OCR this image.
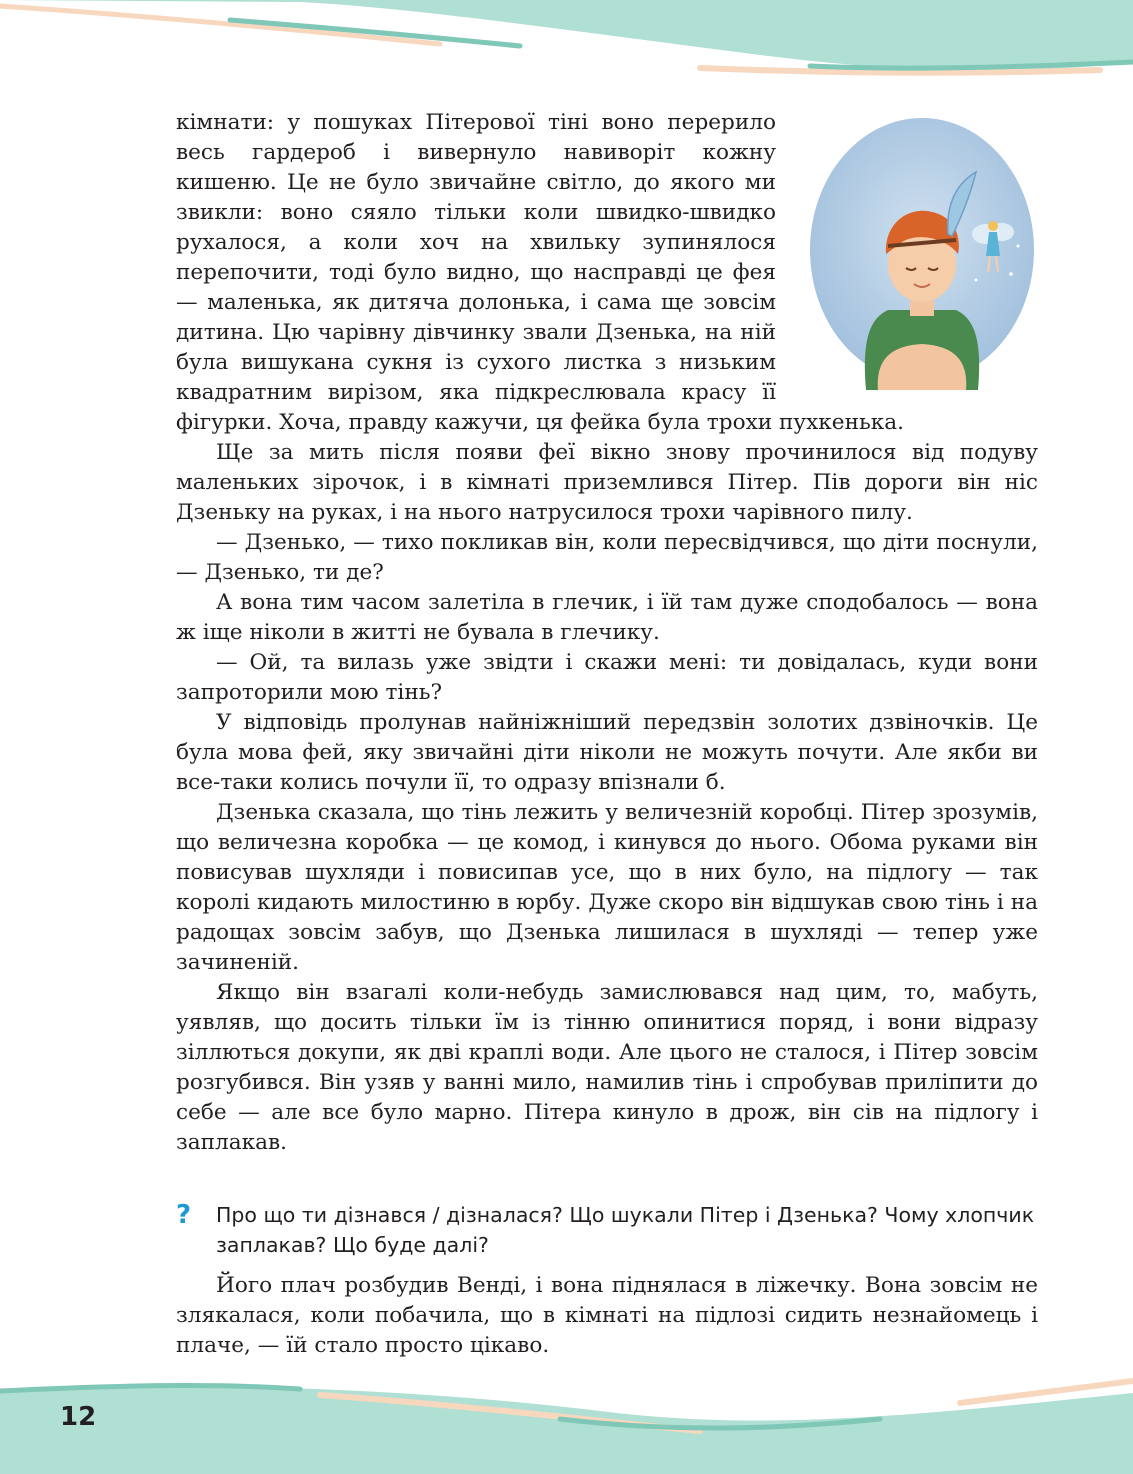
кімнати: у пошуках Пітерової тіні воно перерило весь гардероб і вивернуло навиворіт кожну кишеню. Це не було звичайне світло, до якого ми звикли: воно сяяло тільки коли швидко-швидко рухалося, а коли хоч на хвильку зупинялося перепочити, тоді було видно, що насправді це фея — маленька, як дитяча долонька, і сама ще зовсім дитина. Цю чарівну дівчинку звали Дзенька, на ній була вишукана сукня із сухого листка з низьким квадратним вирізом, яка підкреслювала красу її фігурки. Хоча, правду кажучи, ця фейка була трохи пухкенька.

Ще за мить після появи феї вікно знову прочинилося від подуву маленьких зірочок, і в кімнаті приземлився Пітер. Пів дороги він ніс Дзеньку на руках, і на нього натрусилося трохи чарівного пилу.

— Дзенько, — тихо покликав він, коли пересвідчився, що діти поснули, — Дзенько, ти де?

А вона тим часом залетіла в глечик, і їй там дуже сподобалось — вона ж іще ніколи в житті не бувала в глечику.

— Ой, та вилазь уже звідти і скажи мені: ти довідалась, куди вони запроторили мою тінь?

У відповідь пролунав найніжніший передзвін золотих дзвіночків. Це була мова фей, яку звичайні діти ніколи не можуть почути. Але якби ви все-таки колись почули її, то одразу впізнали б.

Дзенька сказала, що тінь лежить у величезній коробці. Пітер зрозумів, що величезна коробка — це комод, і кинувся до нього. Обома руками він повисував шухляди і повисипав усе, що в них було, на підлогу — так королі кидають милостиню в юрбу. Дуже скоро він відшукав свою тінь і на радощах зовсім забув, що Дзенька лишилася в шухляді — тепер уже зачиненій.

Якщо він взагалі коли-небудь замислювався над цим, то, мабуть, уявляв, що досить тільки їм із тінню опинитися поряд, і вони відразу зіллються докупи, як дві краплі води. Але цього не сталося, і Пітер зовсім розгубився. Він узяв у ванні мило, намилив тінь і спробував приліпити до себе — але все було марно. Пітера кинуло в дрож, він сів на підлогу і заплакав.

? Про що ти дізнався / дізналася? Що шукали Пітер і Дзенька? Чому хлопчик заплакав? Що буде далі?

Його плач розбудив Венді, і вона піднялася в ліжечку. Вона зовсім не злякалася, коли побачила, що в кімнаті на підлозі сидить незнайомець і плаче, — їй стало просто цікаво.

12
